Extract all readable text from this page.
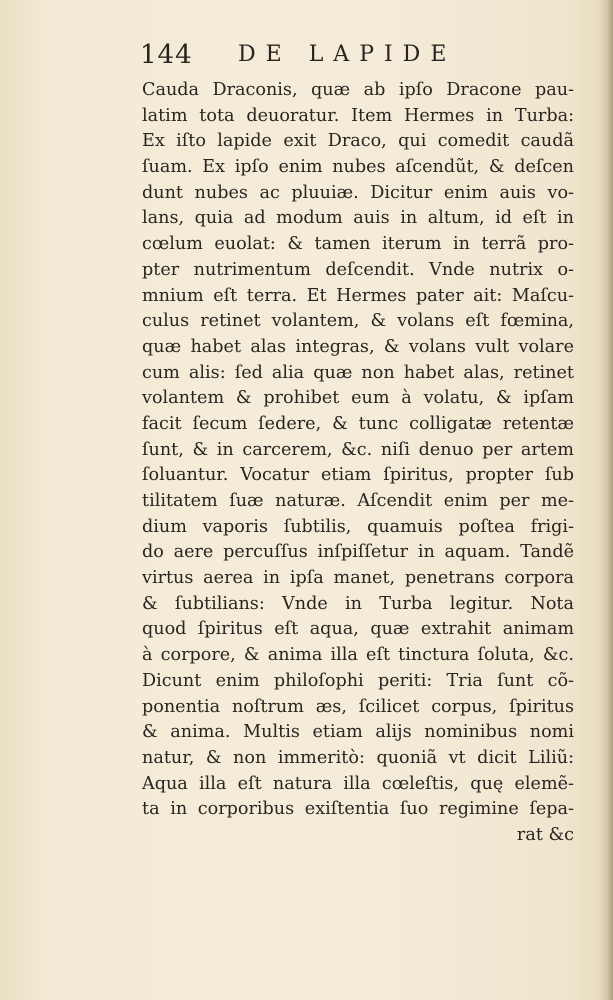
144 DE LAPIDE
Cauda Draconis, quæ ab ipſo Dracone pau-
latim tota deuoratur. Item Hermes in Turba:
Ex iſto lapide exit Draco, qui comedit caudã
ſuam. Ex ipſo enim nubes aſcendũt, & deſcen
dunt nubes ac pluuiæ. Dicitur enim auis vo-
lans, quia ad modum auis in altum, id eſt in
cœlum euolat: & tamen iterum in terrã pro-
pter nutrimentum deſcendit. Vnde nutrix o-
mnium eſt terra. Et Hermes pater ait: Maſcu-
culus retinet volantem, & volans eſt fœmina,
quæ habet alas integras, & volans vult volare
cum alis: ſed alia quæ non habet alas, retinet
volantem & prohibet eum à volatu, & ipſam
facit ſecum ſedere, & tunc colligatæ retentæ
ſunt, & in carcerem, &c. niſi denuo per artem
ſoluantur. Vocatur etiam ſpiritus, propter ſub
tilitatem ſuæ naturæ. Aſcendit enim per me-
dium vaporis ſubtilis, quamuis poſtea frigi-
do aere percuſſus inſpiſſetur in aquam. Tandẽ
virtus aerea in ipſa manet, penetrans corpora
& ſubtilians: Vnde in Turba legitur. Nota
quod ſpiritus eſt aqua, quæ extrahit animam
à corpore, & anima illa eſt tinctura ſoluta, &c.
Dicunt enim philoſophi periti: Tria ſunt cõ-
ponentia noſtrum æs, ſcilicet corpus, ſpiritus
& anima. Multis etiam alijs nominibus nomi
natur, & non immeritò: quoniã vt dicit Liliũ:
Aqua illa eſt natura illa cœleſtis, quę elemẽ-
ta in corporibus exiſtentia ſuo regimine ſepa-
rat &c
